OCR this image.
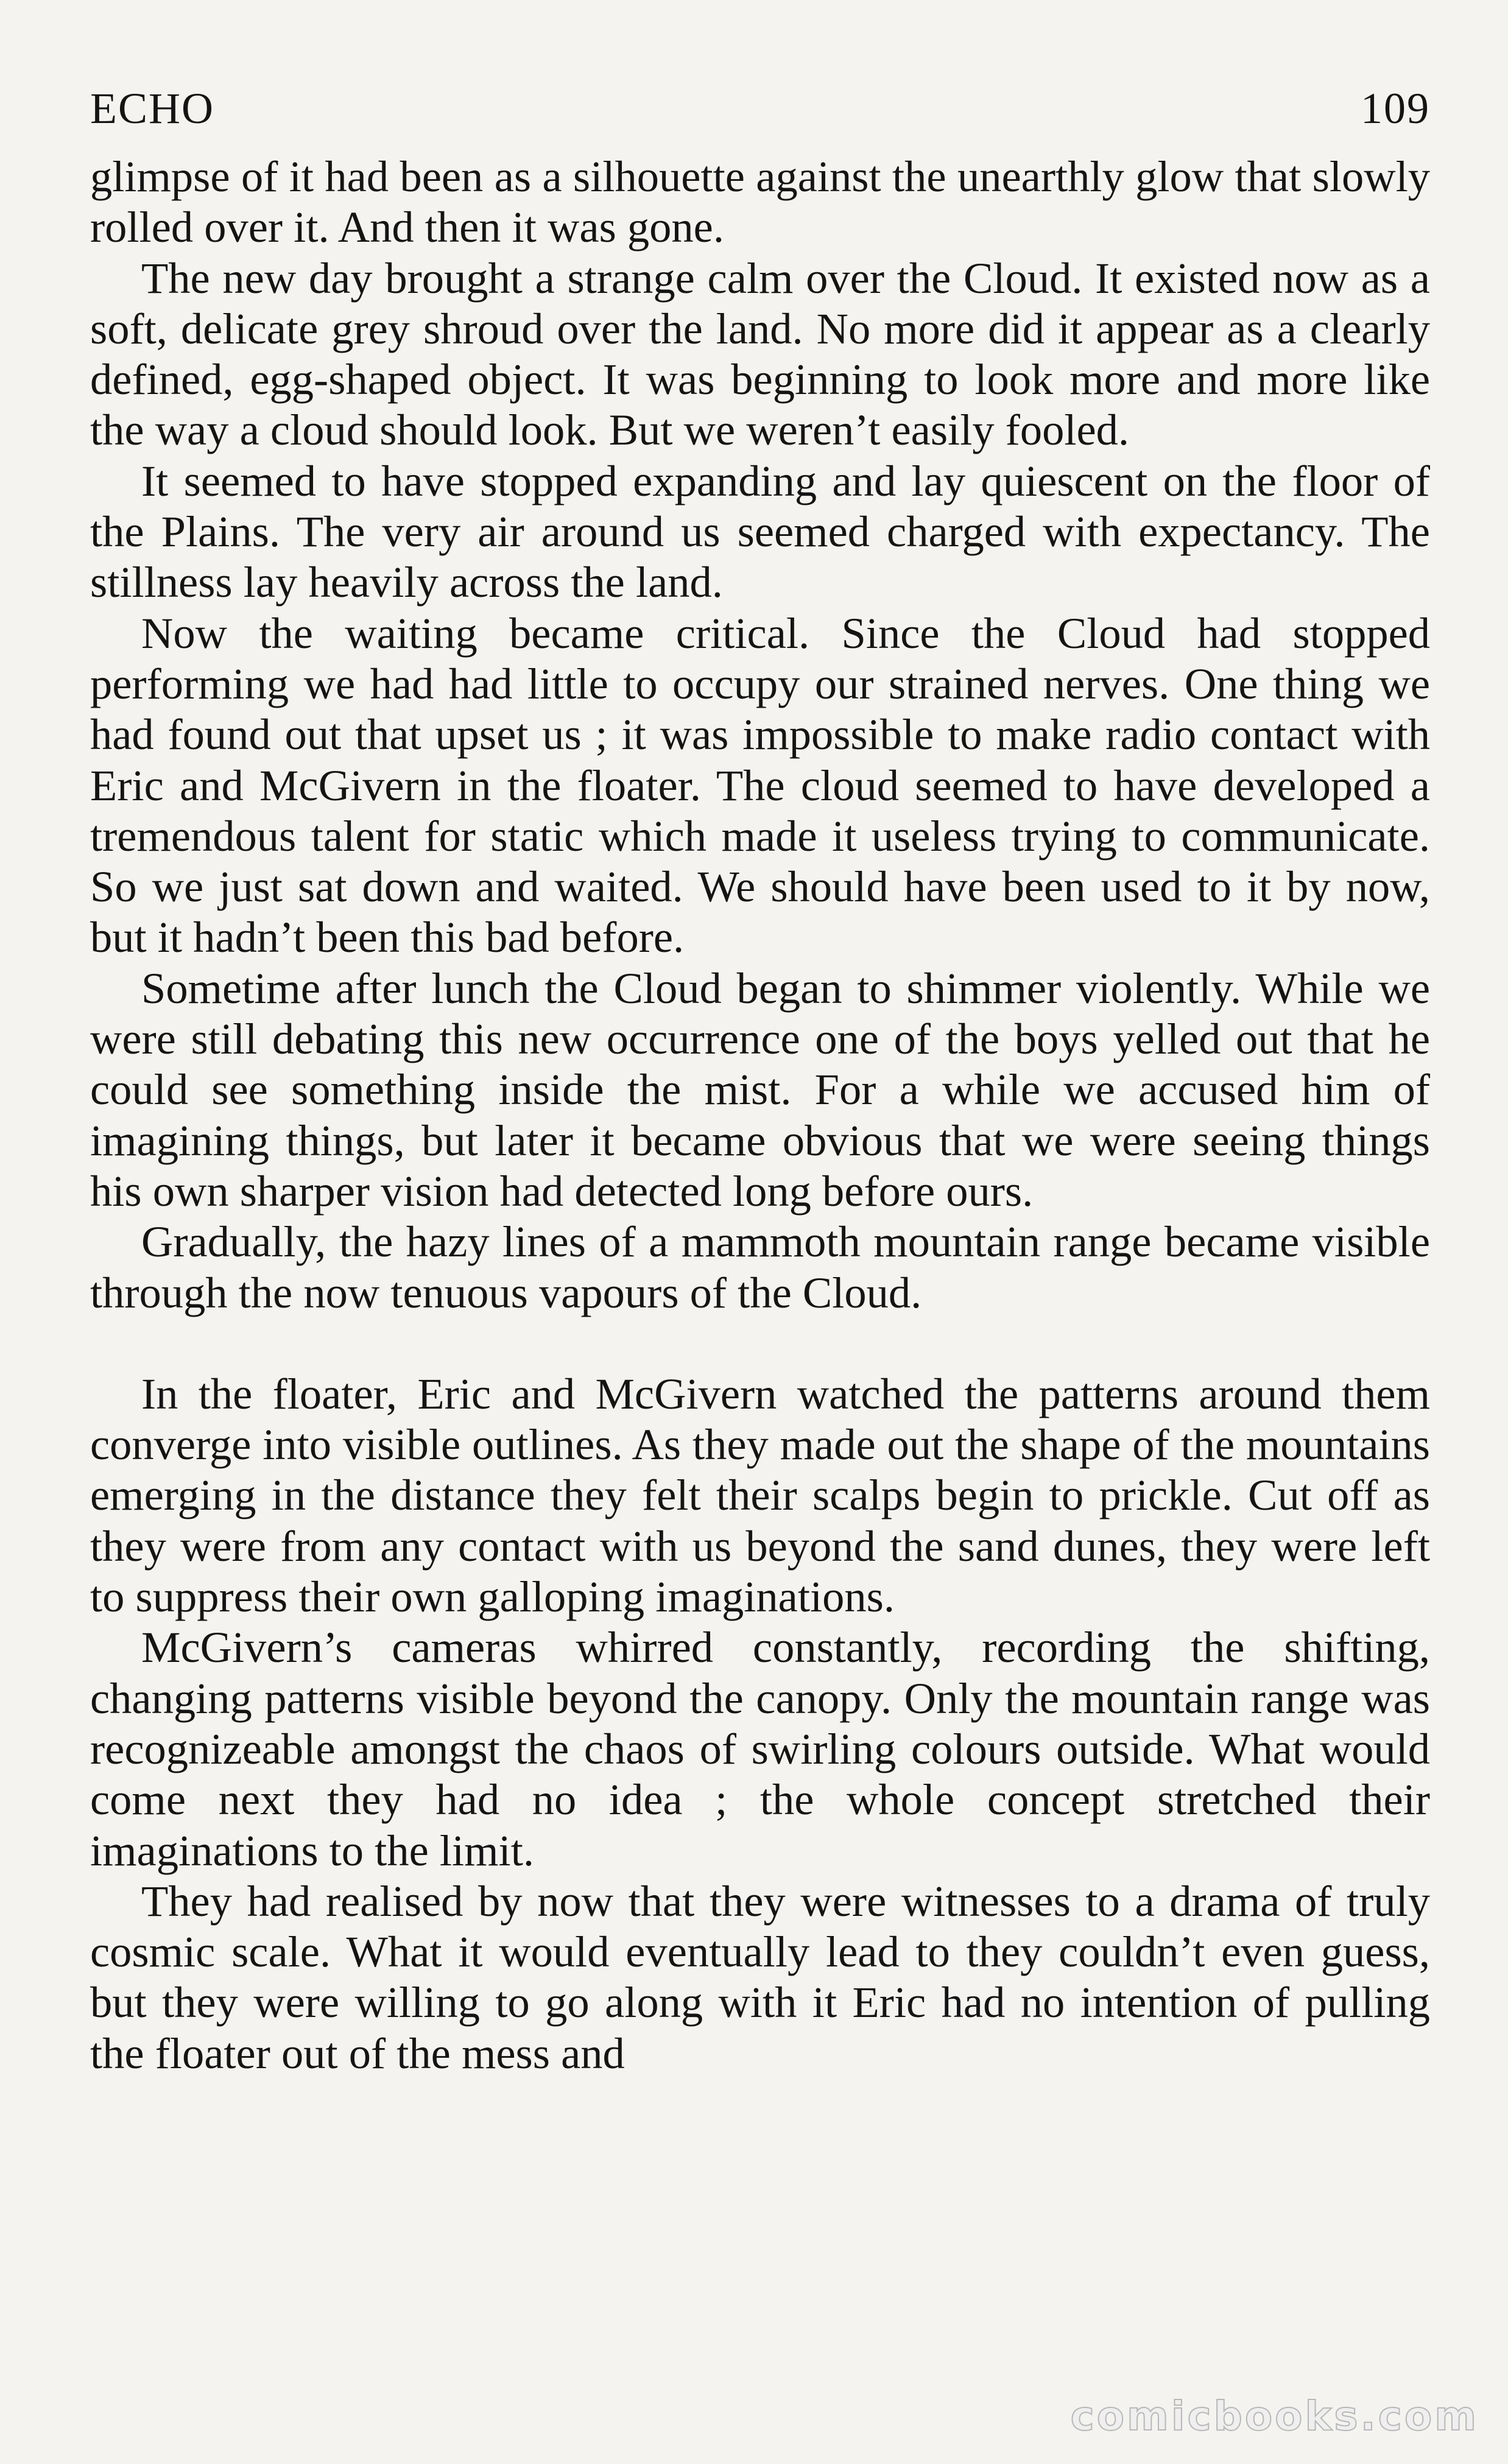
ECHO	109

glimpse of it had been as a silhouette against the unearthly glow that slowly rolled over it. And then it was gone.

The new day brought a strange calm over the Cloud. It existed now as a soft, delicate grey shroud over the land. No more did it appear as a clearly defined, egg-shaped object. It was beginning to look more and more like the way a cloud should look. But we weren’t easily fooled.

It seemed to have stopped expanding and lay quiescent on the floor of the Plains. The very air around us seemed charged with expectancy. The stillness lay heavily across the land.

Now the waiting became critical. Since the Cloud had stopped performing we had had little to occupy our strained nerves. One thing we had found out that upset us ; it was impossible to make radio contact with Eric and McGivern in the floater. The cloud seemed to have developed a tremendous talent for static which made it useless trying to communicate. So we just sat down and waited. We should have been used to it by now, but it hadn’t been this bad before.

Sometime after lunch the Cloud began to shimmer violently. While we were still debating this new occurrence one of the boys yelled out that he could see something inside the mist. For a while we accused him of imagining things, but later it became obvious that we were seeing things his own sharper vision had detected long before ours.

Gradually, the hazy lines of a mammoth mountain range became visible through the now tenuous vapours of the Cloud.

In the floater, Eric and McGivern watched the patterns around them converge into visible outlines. As they made out the shape of the mountains emerging in the distance they felt their scalps begin to prickle. Cut off as they were from any contact with us beyond the sand dunes, they were left to suppress their own galloping imaginations.

McGivern’s cameras whirred constantly, recording the shifting, changing patterns visible beyond the canopy. Only the mountain range was recognizeable amongst the chaos of swirling colours outside. What would come next they had no idea ; the whole concept stretched their imaginations to the limit.

They had realised by now that they were witnesses to a drama of truly cosmic scale. What it would eventually lead to they couldn’t even guess, but they were willing to go along with it Eric had no intention of pulling the floater out of the mess and

comicbooks.com
